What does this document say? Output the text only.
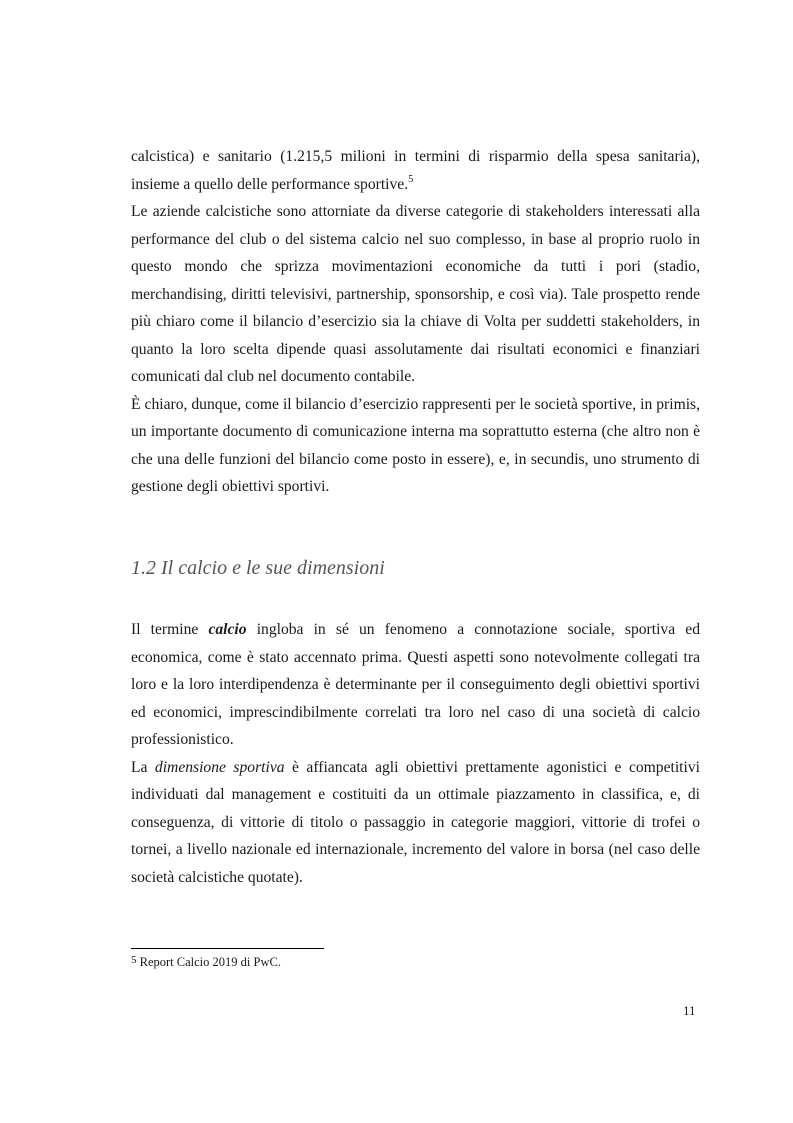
calcistica) e sanitario (1.215,5 milioni in termini di risparmio della spesa sanitaria), insieme a quello delle performance sportive.$^5$

Le aziende calcistiche sono attorniate da diverse categorie di stakeholders interessati alla performance del club o del sistema calcio nel suo complesso, in base al proprio ruolo in questo mondo che sprizza movimentazioni economiche da tutti i pori (stadio, merchandising, diritti televisivi, partnership, sponsorship, e così via). Tale prospetto rende più chiaro come il bilancio d’esercizio sia la chiave di Volta per suddetti stakeholders, in quanto la loro scelta dipende quasi assolutamente dai risultati economici e finanziari comunicati dal club nel documento contabile.

È chiaro, dunque, come il bilancio d’esercizio rappresenti per le società sportive, in primis, un importante documento di comunicazione interna ma soprattutto esterna (che altro non è che una delle funzioni del bilancio come posto in essere), e, in secundis, uno strumento di gestione degli obiettivi sportivi.

1.2 Il calcio e le sue dimensioni

Il termine calcio ingloba in sé un fenomeno a connotazione sociale, sportiva ed economica, come è stato accennato prima. Questi aspetti sono notevolmente collegati tra loro e la loro interdipendenza è determinante per il conseguimento degli obiettivi sportivi ed economici, imprescindibilmente correlati tra loro nel caso di una società di calcio professionistico.

La dimensione sportiva è affiancata agli obiettivi prettamente agonistici e competitivi individuati dal management e costituiti da un ottimale piazzamento in classifica, e, di conseguenza, di vittorie di titolo o passaggio in categorie maggiori, vittorie di trofei o tornei, a livello nazionale ed internazionale, incremento del valore in borsa (nel caso delle società calcistiche quotate).

$^5$ Report Calcio 2019 di PwC.
11
